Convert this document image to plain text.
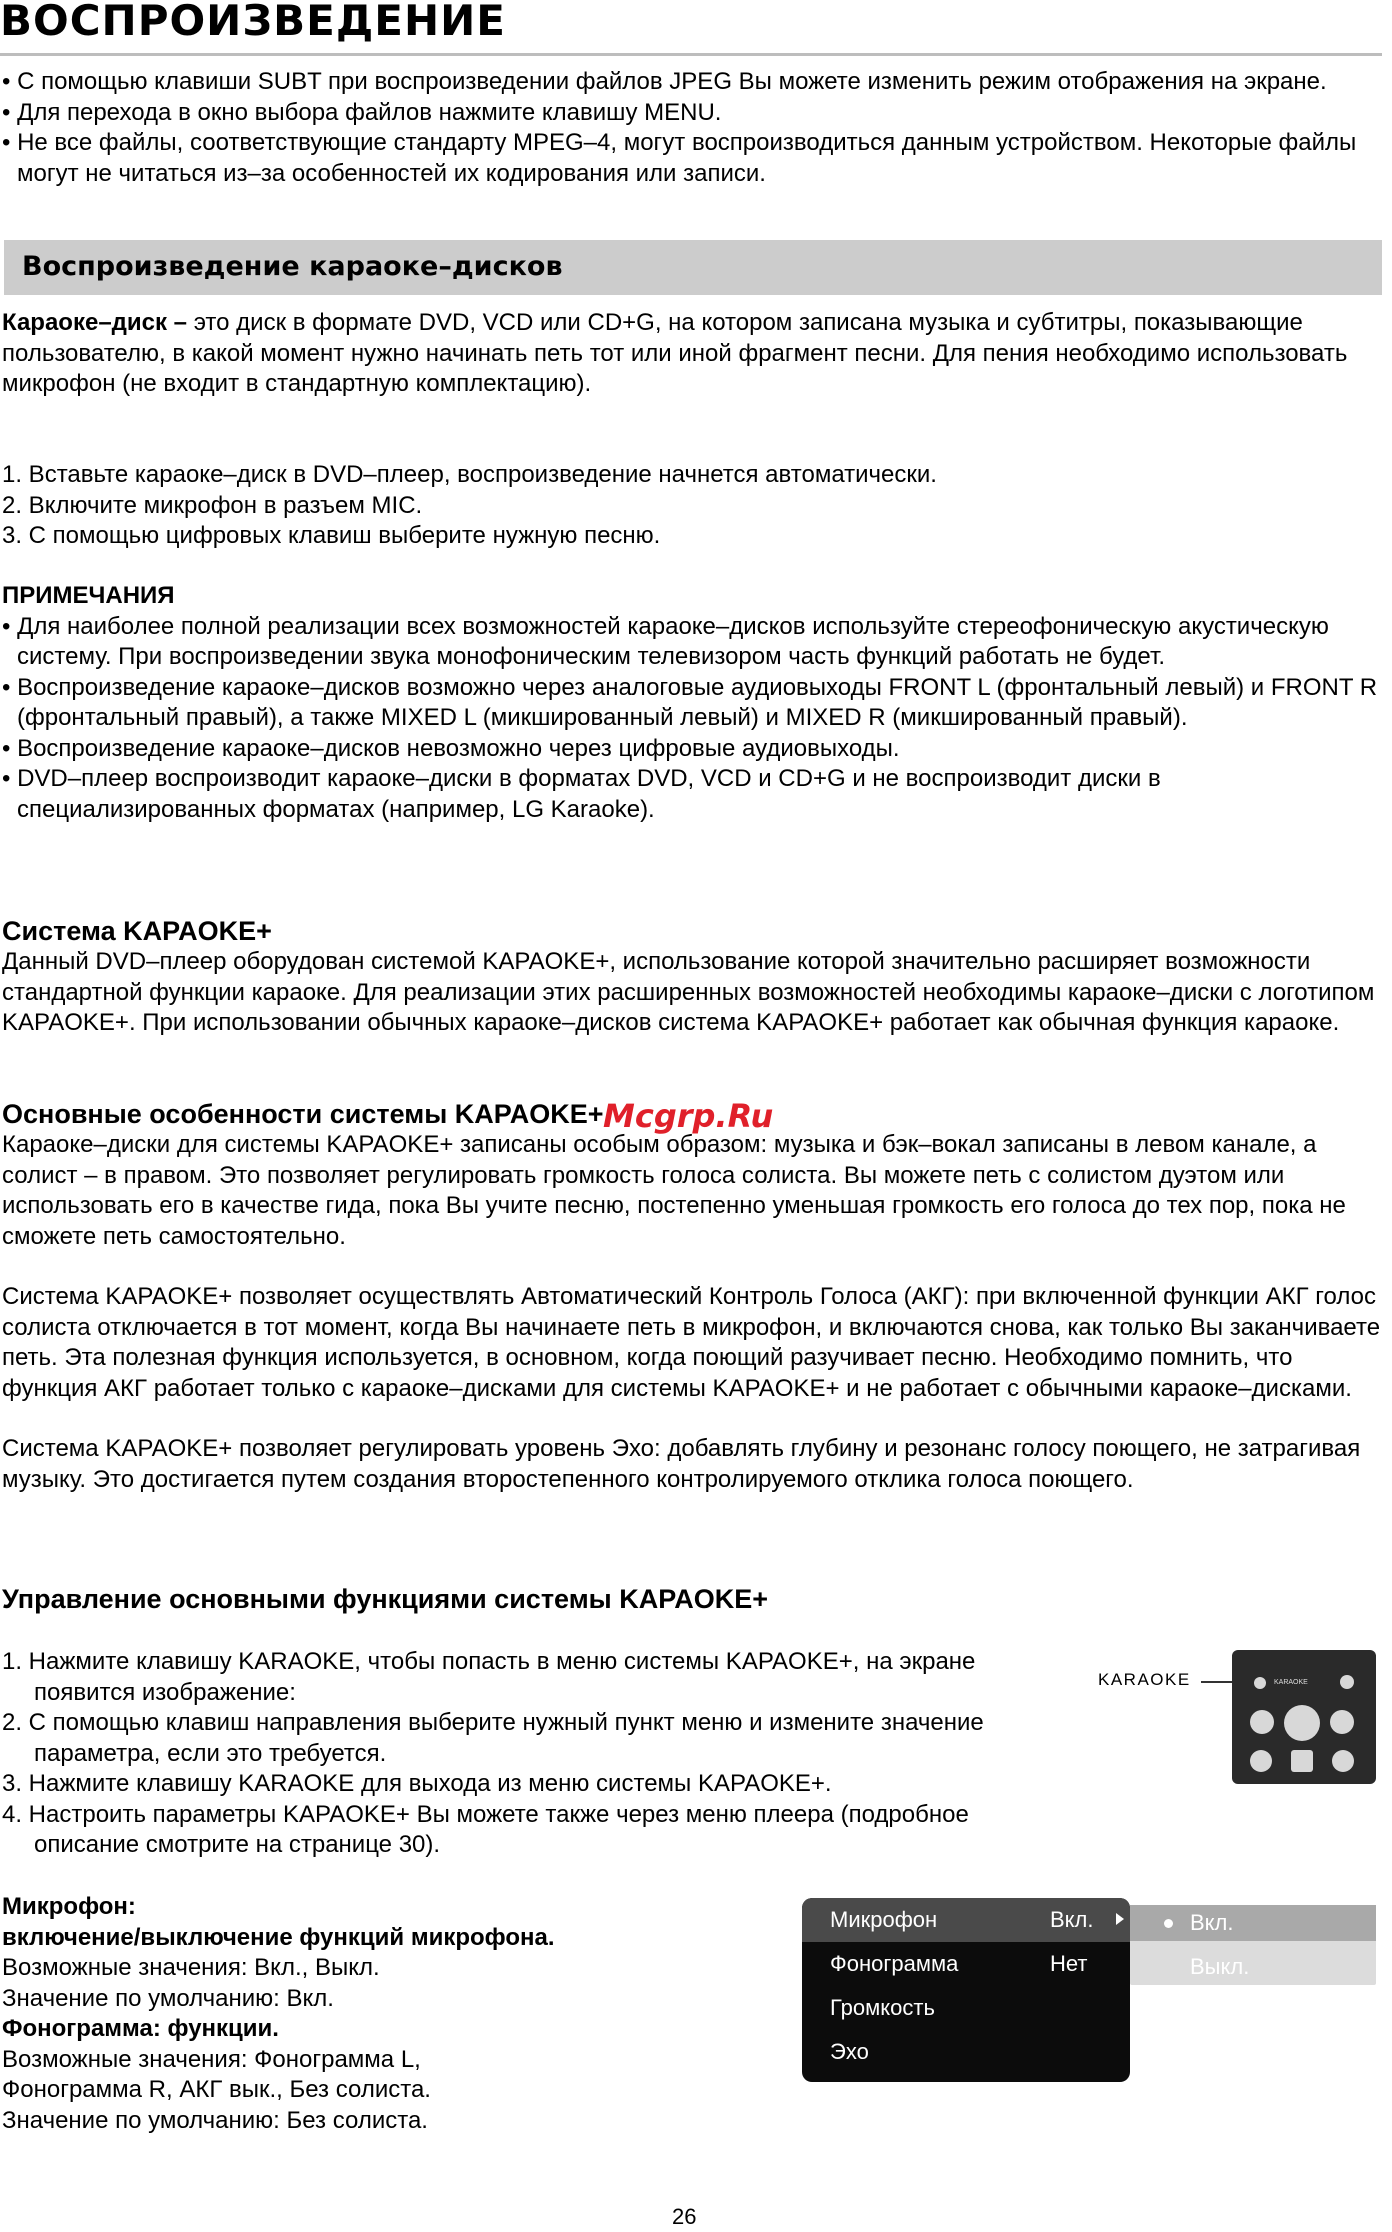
ВОСПРОИЗВЕДЕНИЕ

• С помощью клавиши SUBT при воспроизведении файлов JPEG Вы можете изменить режим отображения на экране.

• Для перехода в окно выбора файлов нажмите клавишу MENU.

• Не все файлы, соответствующие стандарту MPEG–4, могут воспроизводиться данным устройством. Некоторые файлы могут не читаться из–за особенностей их кодирования или записи.

Воспроизведение караоке–дисков

Караоке–диск – это диск в формате DVD, VCD или CD+G, на котором записана музыка и субтитры, показывающие пользователю, в какой момент нужно начинать петь тот или иной фрагмент песни. Для пения необходимо использовать микрофон (не входит в стандартную комплектацию).

1. Вставьте караоке–диск в DVD–плеер, воспроизведение начнется автоматически.

2. Включите микрофон в разъем MIC.

3. С помощью цифровых клавиш выберите нужную песню.

ПРИМЕЧАНИЯ

• Для наиболее полной реализации всех возможностей караоке–дисков используйте стереофоническую акустическую систему. При воспроизведении звука монофоническим телевизором часть функций работать не будет.

• Воспроизведение караоке–дисков возможно через аналоговые аудиовыходы FRONT L (фронтальный левый) и FRONT R (фронтальный правый), а также MIXED L (микшированный левый) и MIXED R (микшированный правый).

• Воспроизведение караоке–дисков невозможно через цифровые аудиовыходы.

• DVD–плеер воспроизводит караоке–диски в форматах DVD, VCD и CD+G и не воспроизводит диски в специализированных форматах (например, LG Karaoke).

Система KAPAOKE+

Данный DVD–плеер оборудован системой KAPAOKE+, использование которой значительно расширяет возможности стандартной функции караоке. Для реализации этих расширенных возможностей необходимы караоке–диски с логотипом KAPAOKE+. При использовании обычных караоке–дисков система KAPAOKE+ работает как обычная функция караоке.

Основные особенности системы KAPAOKE+

Караоке–диски для системы KAPAOKE+ записаны особым образом: музыка и бэк–вокал записаны в левом канале, а солист – в правом. Это позволяет регулировать громкость голоса солиста. Вы можете петь с солистом дуэтом или использовать его в качестве гида, пока Вы учите песню, постепенно уменьшая громкость его голоса до тех пор, пока не сможете петь самостоятельно.

Система KAPAOKE+ позволяет осуществлять Автоматический Контроль Голоса (АКГ): при включенной функции АКГ голос солиста отключается в тот момент, когда Вы начинаете петь в микрофон, и включаются снова, как только Вы заканчиваете петь. Эта полезная функция используется, в основном, когда поющий разучивает песню. Необходимо помнить, что функция АКГ работает только с караоке–дисками для системы KAPAOKE+ и не работает с обычными караоке–дисками.

Система KAPAOKE+ позволяет регулировать уровень Эхо: добавлять глубину и резонанс голосу поющего, не затрагивая музыку. Это достигается путем создания второстепенного контролируемого отклика голоса поющего.

Mcgrp.Ru

Управление основными функциями системы KAPAOKE+

1. Нажмите клавишу KARAOKE, чтобы попасть в меню системы KAPAOKE+, на экране появится изображение:

2. С помощью клавиш направления выберите нужный пункт меню и измените значение параметра, если это требуется.

3. Нажмите клавишу KARAOKE для выхода из меню системы KAPAOKE+.

4. Настроить параметры KAPAOKE+ Вы можете также через меню плеера (подробное описание смотрите на странице 30).

KARAOKE	KARAOKE

Микрофон:

включение/выключение функций микрофона.

Возможные значения: Вкл., Выкл.

Значение по умолчанию: Вкл.

Фонограмма: функции.

Возможные значения: Фонограмма L,

Фонограмма R, АКГ вык., Без солиста.

Значение по умолчанию: Без солиста.

Микрофон	Вкл.
Фонограмма	Нет
Громкость
Эхо
Вкл.
Выкл.
26
